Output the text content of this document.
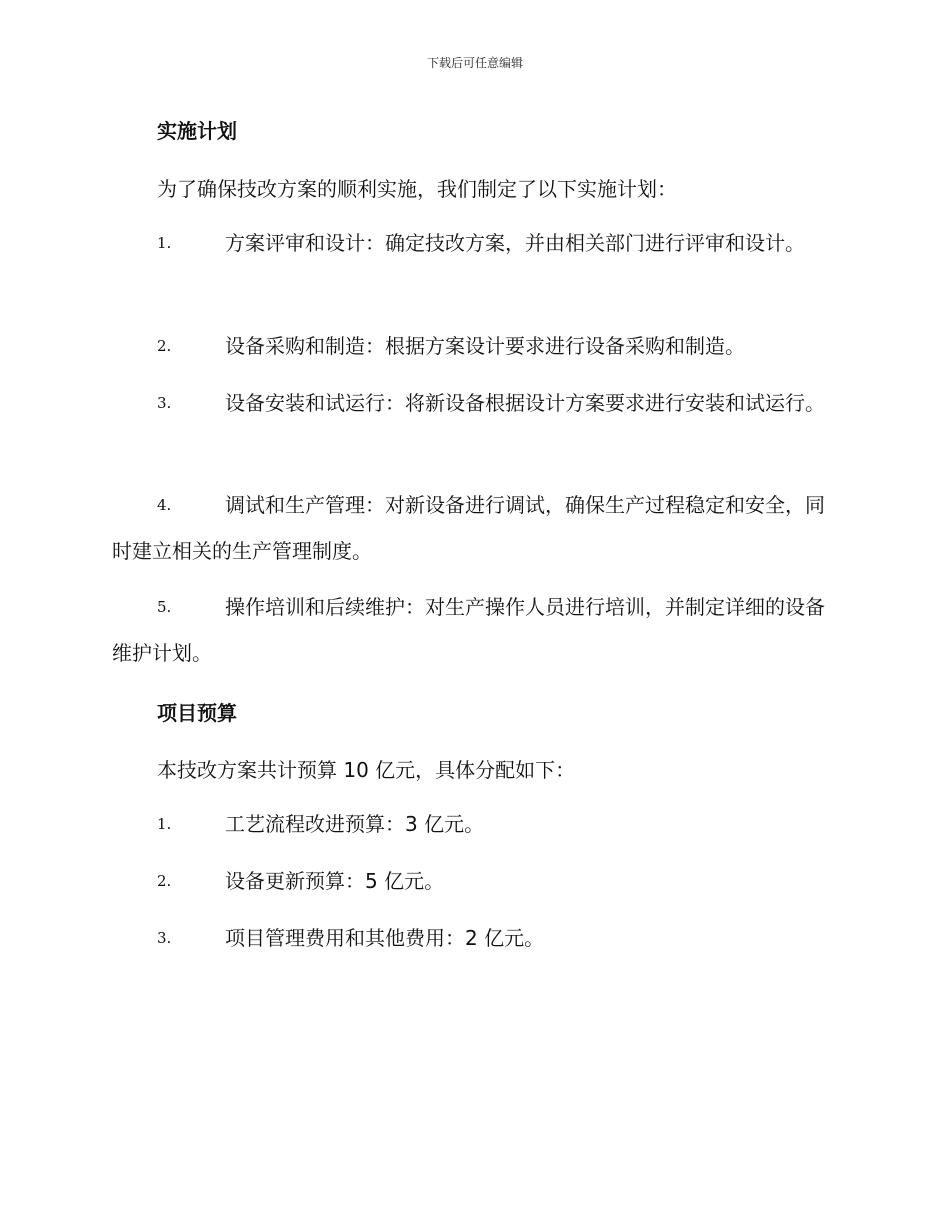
下载后可任意编辑
实施计划
为了确保技改方案的顺利实施，我们制定了以下实施计划：
1.	方案评审和设计：确定技改方案，并由相关部门进行评审和设计。
2.	设备采购和制造：根据方案设计要求进行设备采购和制造。
3.	设备安装和试运行：将新设备根据设计方案要求进行安装和试运行。
4.	调试和生产管理：对新设备进行调试，确保生产过程稳定和安全，同时建立相关的生产管理制度。
5.	操作培训和后续维护：对生产操作人员进行培训，并制定详细的设备维护计划。
项目预算
本技改方案共计预算 10 亿元，具体分配如下：
1.	工艺流程改进预算：3 亿元。
2.	设备更新预算：5 亿元。
3.	项目管理费用和其他费用：2 亿元。
